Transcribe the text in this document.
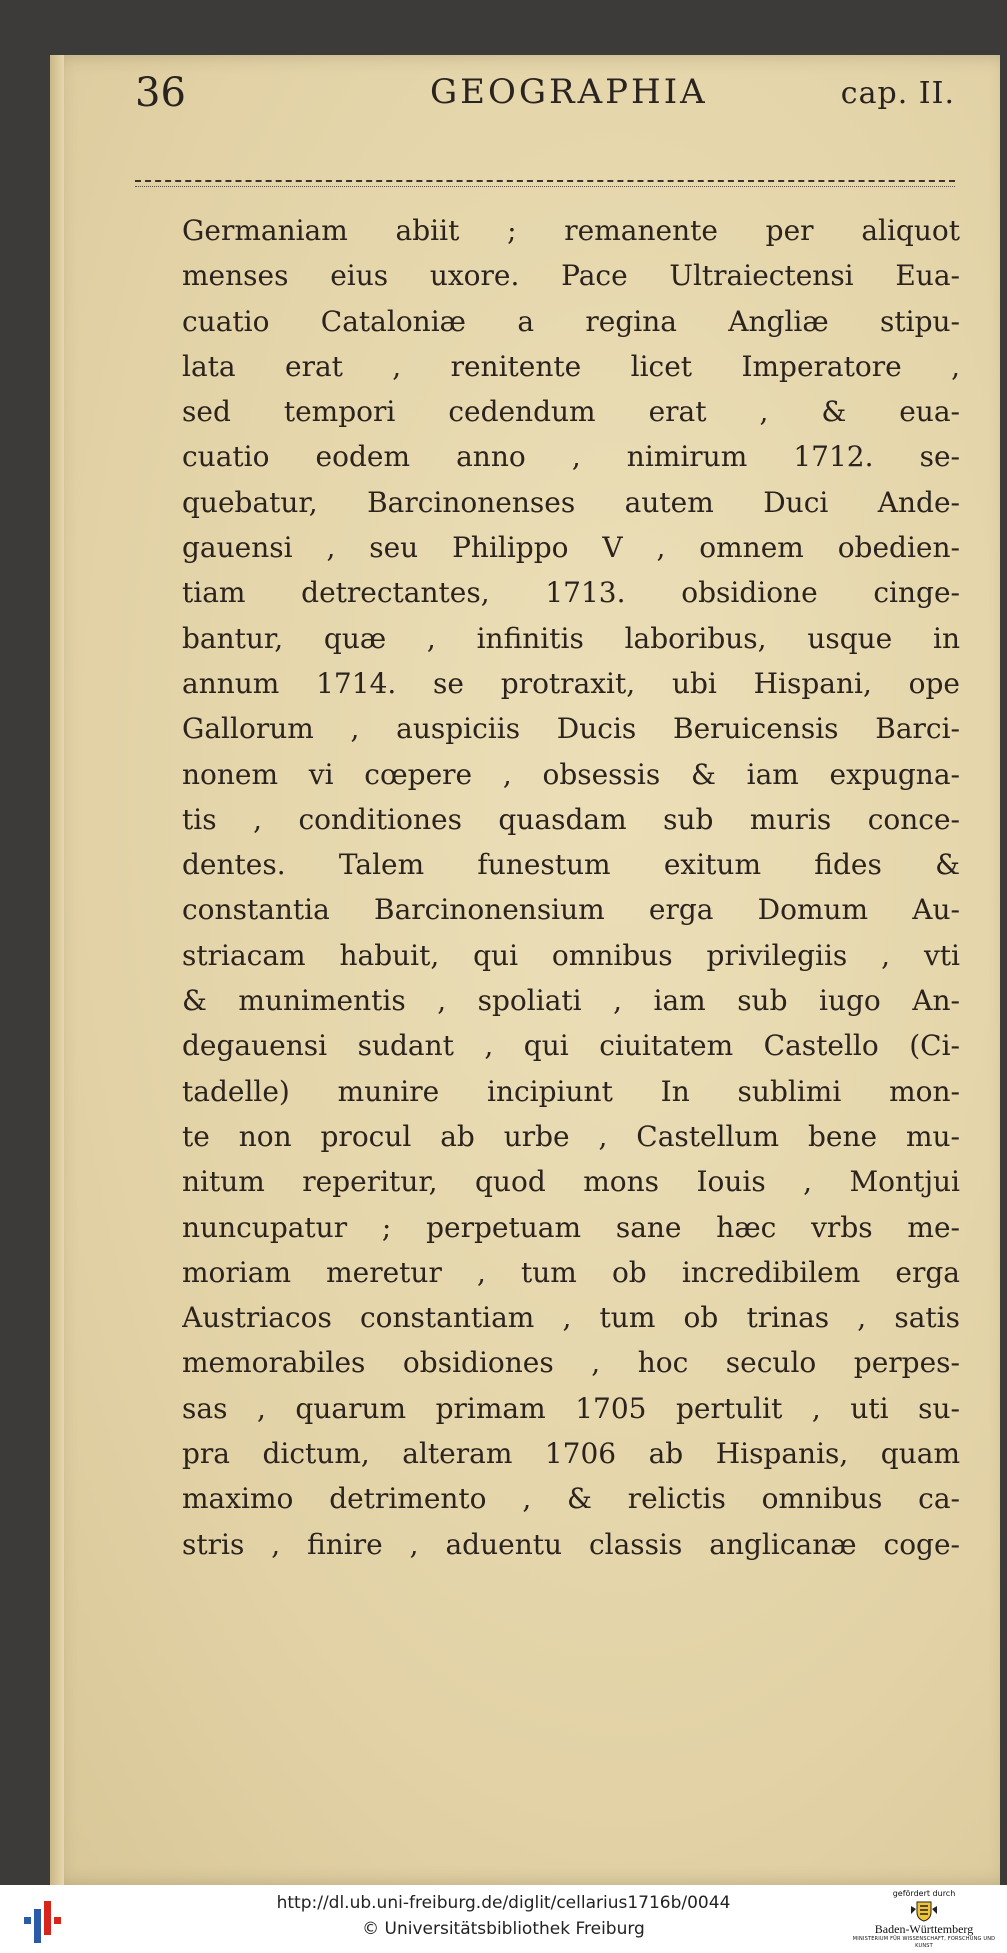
36	GEOGRAPHIA	cap. II.
Germaniam abiit ; remanente per aliquot
menses eius uxore. Pace Ultraiectensi Eua-
cuatio Cataloniæ a regina Angliæ stipu-
lata erat , renitente licet Imperatore ,
sed tempori cedendum erat , & eua-
cuatio eodem anno , nimirum 1712. se-
quebatur, Barcinonenses autem Duci Ande-
gauensi , seu Philippo V , omnem obedien-
tiam detrectantes, 1713. obsidione cinge-
bantur, quæ , infinitis laboribus, usque in
annum 1714. se protraxit, ubi Hispani, ope
Gallorum , auspiciis Ducis Beruicensis Barci-
nonem vi cœpere , obsessis & iam expugna-
tis , conditiones quasdam sub muris conce-
dentes. Talem funestum exitum fides &
constantia Barcinonensium erga Domum Au-
striacam habuit, qui omnibus privilegiis , vti
& munimentis , spoliati , iam sub iugo An-
degauensi sudant , qui ciuitatem Castello (Ci-
tadelle) munire incipiunt In sublimi mon-
te non procul ab urbe , Castellum bene mu-
nitum reperitur, quod mons Iouis , Montjui
nuncupatur ; perpetuam sane hæc vrbs me-
moriam meretur , tum ob incredibilem erga
Austriacos constantiam , tum ob trinas , satis
memorabiles obsidiones , hoc seculo perpes-
sas , quarum primam 1705 pertulit , uti su-
pra dictum, alteram 1706 ab Hispanis, quam
maximo detrimento , & relictis omnibus ca-
stris , finire , aduentu classis anglicanæ coge-
http://dl.ub.uni-freiburg.de/diglit/cellarius1716b/0044
© Universitätsbibliothek Freiburg
gefördert durch
Baden-Württemberg
MINISTERIUM FÜR WISSENSCHAFT, FORSCHUNG UND KUNST
